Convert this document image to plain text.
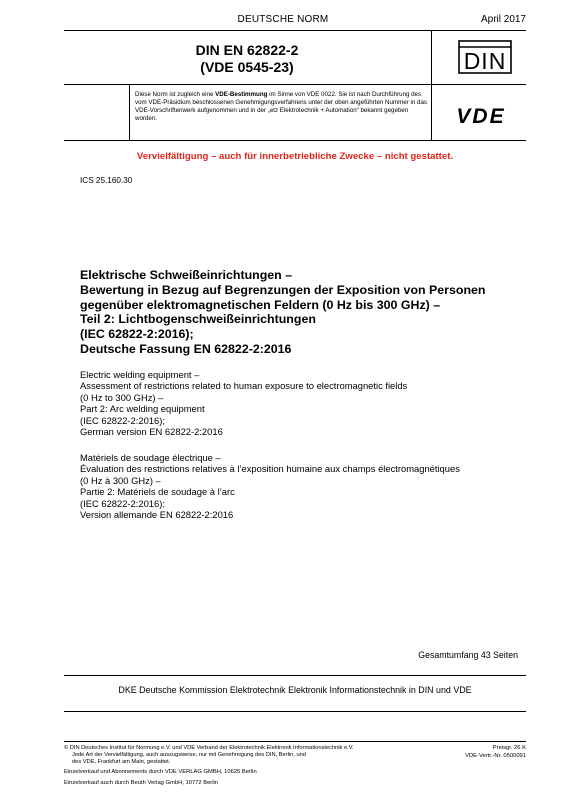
DEUTSCHE NORM	April 2017
DIN EN 62822-2
(VDE 0545-23)	DIN
Diese Norm ist zugleich eine VDE-Bestimmung im Sinne von VDE 0022. Sie ist nach Durchführung des vom VDE-Präsidium beschlossenen Genehmigungsverfahrens unter der oben angeführten Nummer in das VDE-Vorschriftenwerk aufgenommen und in der „etz Elektrotechnik + Automation“ bekannt gegeben worden.	VDE
Vervielfältigung – auch für innerbetriebliche Zwecke – nicht gestattet.
ICS 25.160.30
Elektrische Schweißeinrichtungen –
Bewertung in Bezug auf Begrenzungen der Exposition von Personen
gegenüber elektromagnetischen Feldern (0 Hz bis 300 GHz) –
Teil 2: Lichtbogenschweißeinrichtungen
(IEC 62822-2:2016);
Deutsche Fassung EN 62822-2:2016
Electric welding equipment –
Assessment of restrictions related to human exposure to electromagnetic fields
(0 Hz to 300 GHz) –
Part 2: Arc welding equipment
(IEC 62822-2:2016);
German version EN 62822-2:2016
Matériels de soudage électrique –
Évaluation des restrictions relatives à l’exposition humaine aux champs électromagnétiques
(0 Hz à 300 GHz) –
Partie 2: Matériels de soudage à l’arc
(IEC 62822-2:2016);
Version allemande EN 62822-2:2016
Gesamtumfang 43 Seiten
DKE Deutsche Kommission Elektrotechnik Elektronik Informationstechnik in DIN und VDE
© DIN Deutsches Institut für Normung e.V. und VDE Verband der Elektrotechnik Elektronik Informationstechnik e.V.
Jede Art der Vervielfältigung, auch auszugsweise, nur mit Genehmigung des DIN, Berlin, und
des VDE, Frankfurt am Main, gestattet.
Preisgr. 26 K
VDE-Vertr.-Nr. 0500091
Einzelverkauf und Abonnements durch VDE VERLAG GMBH, 10625 Berlin
Einzelverkauf auch durch Beuth Verlag GmbH, 10772 Berlin
